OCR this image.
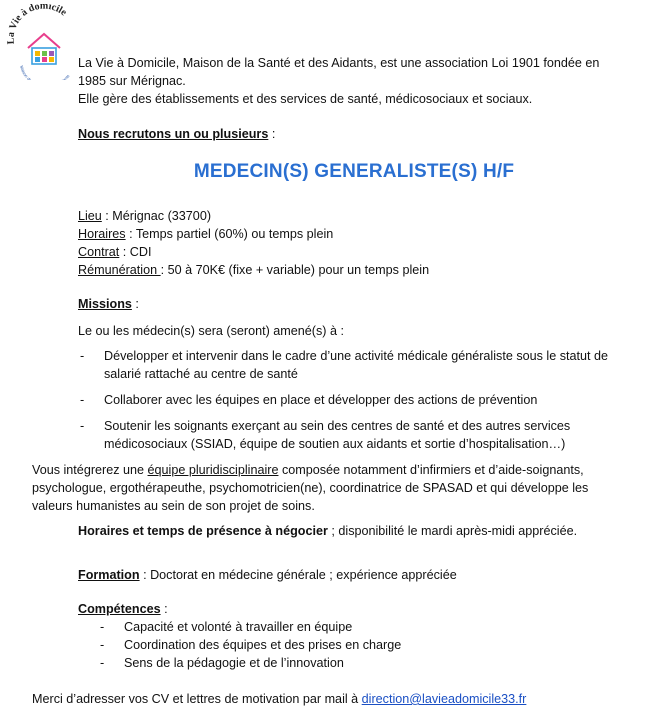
La Vie à domicile
Maison d ants
La Vie à Domicile, Maison de la Santé et des Aidants, est une association Loi 1901 fondée en
1985 sur Mérignac.
Elle gère des établissements et des services de santé, médicosociaux et sociaux.
Nous recrutons un ou plusieurs :
MEDECIN(S) GENERALISTE(S) H/F
Lieu : Mérignac (33700)
Horaires : Temps partiel (60%) ou temps plein
Contrat : CDI
Rémunération : 50 à 70K€ (fixe + variable) pour un temps plein
Missions :
Le ou les médecin(s) sera (seront) amené(s) à :
-	Développer et intervenir dans le cadre d’une activité médicale généraliste sous le statut de
salarié rattaché au centre de santé
-	Collaborer avec les équipes en place et développer des actions de prévention
-	Soutenir les soignants exerçant au sein des centres de santé et des autres services
médicosociaux (SSIAD, équipe de soutien aux aidants et sortie d’hospitalisation…)
Vous intégrerez une équipe pluridisciplinaire composée notamment d’infirmiers et d’aide-soignants,
psychologue, ergothérapeuthe, psychomotricien(ne), coordinatrice de SPASAD et qui développe les
valeurs humanistes au sein de son projet de soins.
Horaires et temps de présence à négocier ; disponibilité le mardi après-midi appréciée.
Formation : Doctorat en médecine générale ; expérience appréciée
Compétences :
-	Capacité et volonté à travailler en équipe
-	Coordination des équipes et des prises en charge
-	Sens de la pédagogie et de l’innovation
Merci d’adresser vos CV et lettres de motivation par mail à direction@lavieadomicile33.fr
